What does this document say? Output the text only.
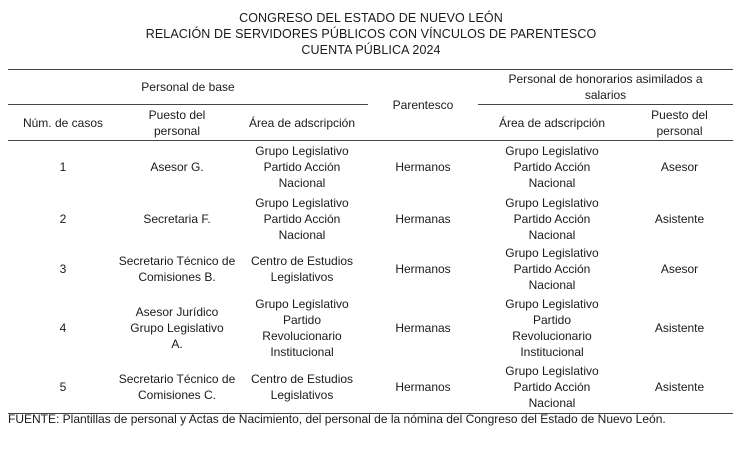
CONGRESO DEL ESTADO DE NUEVO LEÓN
RELACIÓN DE SERVIDORES PÚBLICOS CON VÍNCULOS DE PARENTESCO
CUENTA PÚBLICA 2024

Personal de base			Parentesco	Personal de honorarios asimilados a salarios	
Núm. de casos	Puesto del personal	Área de adscripción		Área de adscripción	Puesto del personal
1	Asesor G.	Grupo Legislativo Partido Acción Nacional	Hermanos	Grupo Legislativo Partido Acción Nacional	Asesor
2	Secretaria F.	Grupo Legislativo Partido Acción Nacional	Hermanas	Grupo Legislativo Partido Acción Nacional	Asistente
3	Secretario Técnico de Comisiones B.	Centro de Estudios Legislativos	Hermanos	Grupo Legislativo Partido Acción Nacional	Asesor
4	Asesor Jurídico Grupo Legislativo A.	Grupo Legislativo Partido Revolucionario Institucional	Hermanas	Grupo Legislativo Partido Revolucionario Institucional	Asistente
5	Secretario Técnico de Comisiones C.	Centro de Estudios Legislativos	Hermanos	Grupo Legislativo Partido Acción Nacional	Asistente
FUENTE: Plantillas de personal y Actas de Nacimiento, del personal de la nómina del Congreso del Estado de Nuevo León.
